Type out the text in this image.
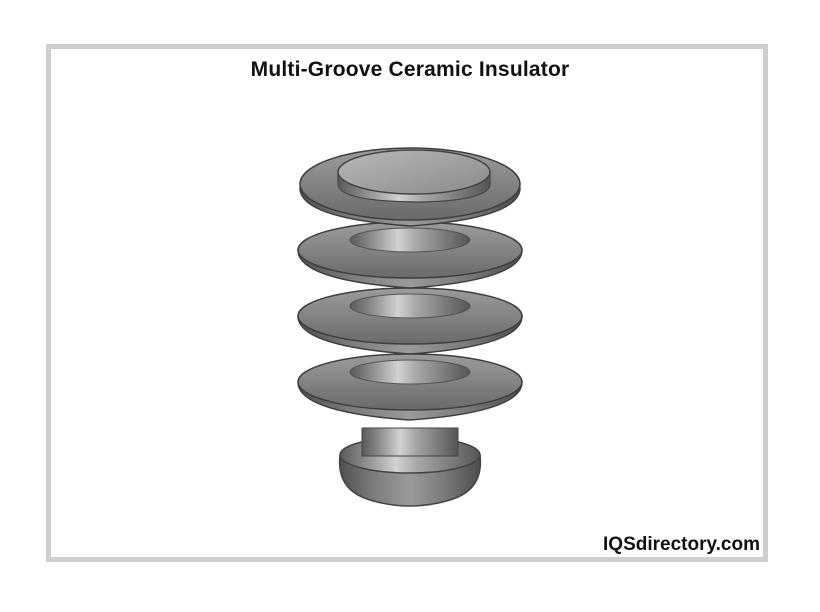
Multi-Groove Ceramic Insulator
IQSdirectory.com
